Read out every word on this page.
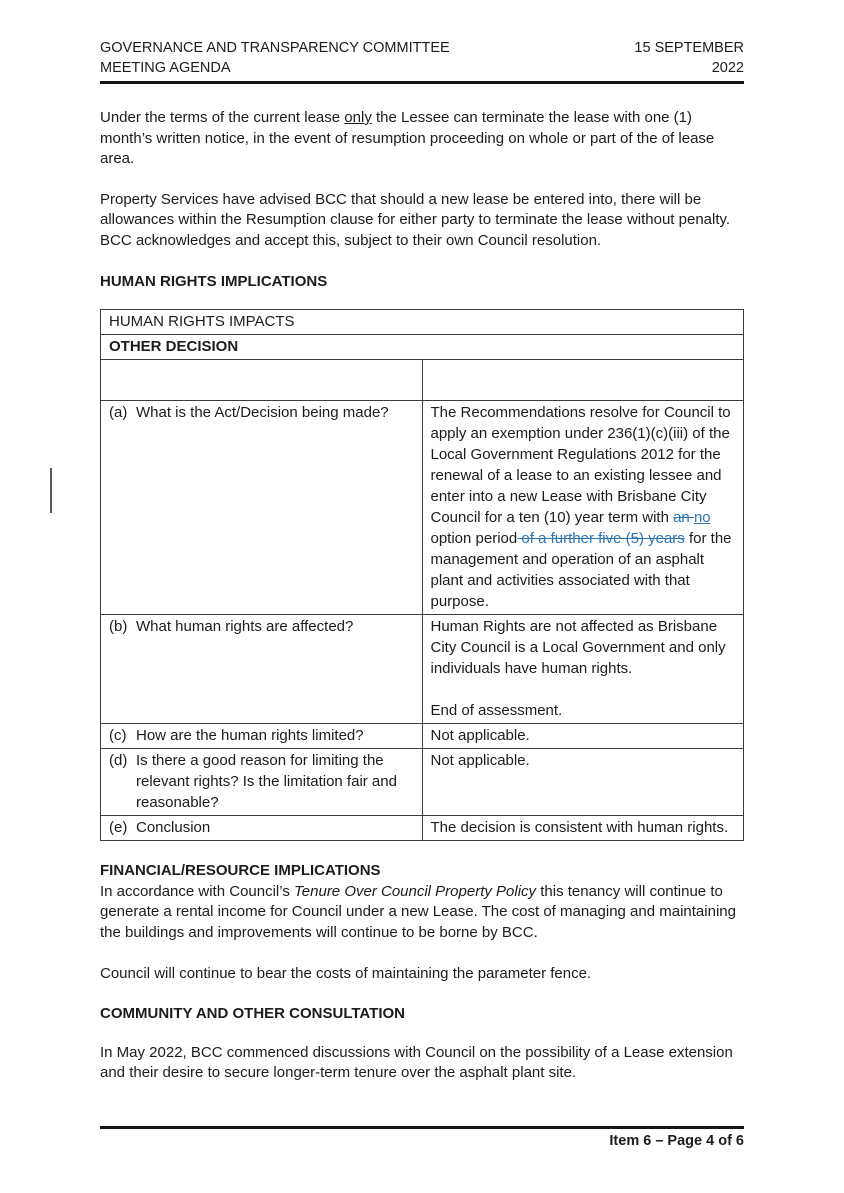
GOVERNANCE AND TRANSPARENCY COMMITTEE
MEETING AGENDA
15 SEPTEMBER
2022

Under the terms of the current lease only the Lessee can terminate the lease with one (1) month’s written notice, in the event of resumption proceeding on whole or part of the of lease area.

Property Services have advised BCC that should a new lease be entered into, there will be allowances within the Resumption clause for either party to terminate the lease without penalty. BCC acknowledges and accept this, subject to their own Council resolution.

HUMAN RIGHTS IMPLICATIONS
HUMAN RIGHTS IMPACTS	
OTHER DECISION	

(a) What is the Act/Decision being made?	The Recommendations resolve for Council to apply an exemption under 236(1)(c)(iii) of the Local Government Regulations 2012 for the renewal of a lease to an existing lessee and enter into a new Lease with Brisbane City Council for a ten (10) year term with an no option period of a further five (5) years for the management and operation of an asphalt plant and activities associated with that purpose.

(b) What human rights are affected?	Human Rights are not affected as Brisbane City Council is a Local Government and only individuals have human rights.
End of assessment.

(c) How are the human rights limited?	Not applicable.

(d) Is there a good reason for limiting the relevant rights? Is the limitation fair and reasonable?	Not applicable.

(e) Conclusion	The decision is consistent with human rights.
FINANCIAL/RESOURCE IMPLICATIONS

In accordance with Council’s Tenure Over Council Property Policy this tenancy will continue to generate a rental income for Council under a new Lease. The cost of managing and maintaining the buildings and improvements will continue to be borne by BCC.

Council will continue to bear the costs of maintaining the parameter fence.

COMMUNITY AND OTHER CONSULTATION

In May 2022, BCC commenced discussions with Council on the possibility of a Lease extension and their desire to secure longer-term tenure over the asphalt plant site.

Item 6 – Page 4 of 6
